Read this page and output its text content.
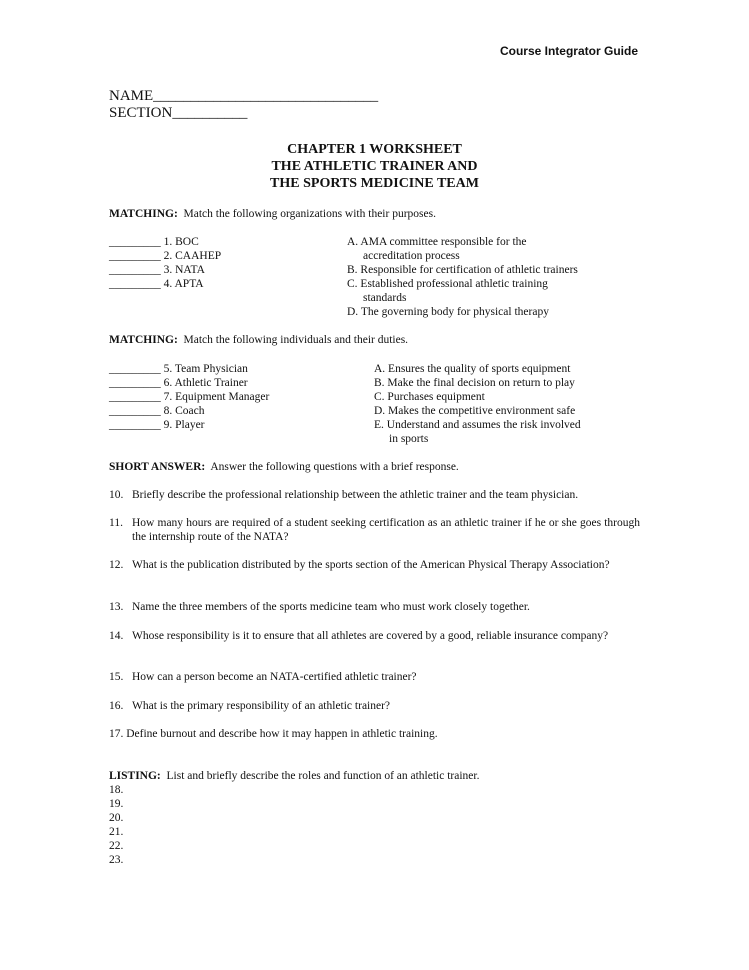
Course Integrator Guide
NAME______________________________
SECTION__________
CHAPTER 1 WORKSHEET
THE ATHLETIC TRAINER AND
THE SPORTS MEDICINE TEAM
MATCHING: Match the following organizations with their purposes.
_________ 1. BOC
_________ 2. CAAHEP
_________ 3. NATA
_________ 4. APTA
A. AMA committee responsible for the
accreditation process
B. Responsible for certification of athletic trainers
C. Established professional athletic training
standards
D. The governing body for physical therapy
MATCHING: Match the following individuals and their duties.
_________ 5. Team Physician
_________ 6. Athletic Trainer
_________ 7. Equipment Manager
_________ 8. Coach
_________ 9. Player
A. Ensures the quality of sports equipment
B. Make the final decision on return to play
C. Purchases equipment
D. Makes the competitive environment safe
E. Understand and assumes the risk involved
in sports
SHORT ANSWER: Answer the following questions with a brief response.
10. Briefly describe the professional relationship between the athletic trainer and the team physician.
11. How many hours are required of a student seeking certification as an athletic trainer if he or she goes through the internship route of the NATA?
12. What is the publication distributed by the sports section of the American Physical Therapy Association?
13. Name the three members of the sports medicine team who must work closely together.
14. Whose responsibility is it to ensure that all athletes are covered by a good, reliable insurance company?
15. How can a person become an NATA-certified athletic trainer?
16. What is the primary responsibility of an athletic trainer?
17. Define burnout and describe how it may happen in athletic training.
LISTING: List and briefly describe the roles and function of an athletic trainer.
18.
19.
20.
21.
22.
23.
